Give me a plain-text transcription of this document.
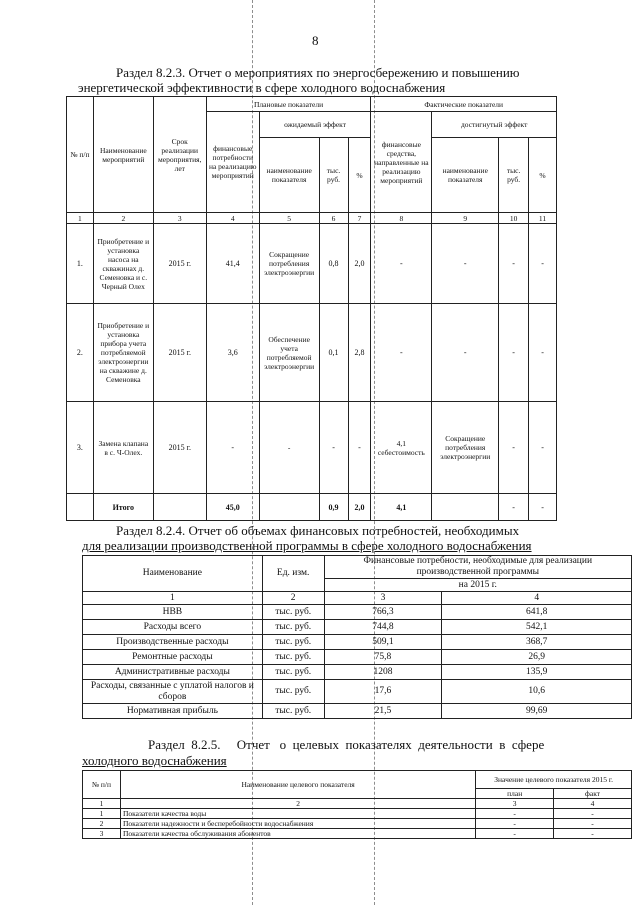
8
Раздел 8.2.3. Отчет о мероприятиях по энергосбережению и повышению
энергетической эффективности в сфере холодного водоснабжения
№ п/п	Наименование мероприятий	Срок реализации мероприятия, лет	Плановые показатели				Фактические показатели			
			финансовые потребности на реализацию мероприятий	ожидаемый эффект			финансовые средства, направленные на реализацию мероприятий	достигнутый эффект		
				наименование показателя	тыс. руб.	%		наименование показателя	тыс. руб.	%
1	2	3	4	5	6	7	8	9	10	11
1.	Приобретение и установка насоса на скважинах д. Семеновка и с. Черный Олех	2015 г.	41,4	Сокращение потребления электроэнергии	0,8	2,0	-	-	-	-
2.	Приобретение и установка прибора учета потребляемой электроэнергии на скважине д. Семеновка	2015 г.	3,6	Обеспечение учета потребляемой электроэнергии	0,1	2,8	-	-	-	-
3.	Замена клапана в с. Ч-Олех.	2015 г.	-	-	-	-	4,1 себестоимость	Сокращение потребления электроэнергии	-	-
	Итого		45,0		0,9	2,0	4,1		-	-
Раздел 8.2.4. Отчет об объемах финансовых потребностей, необходимых
для реализации производственной программы в сфере холодного водоснабжения
Наименование	Ед. изм.	Финансовые потребности, необходимые для реализации производственной программы	
		на 2015 г.	
1	2	3	4
НВВ	тыс. руб.	766,3	641,8
Расходы всего	тыс. руб.	744,8	542,1
Производственные расходы	тыс. руб.	509,1	368,7
Ремонтные расходы	тыс. руб.	75,8	26,9
Административные расходы	тыс. руб.	1208	135,9
Расходы, связанные с уплатой налогов и сборов	тыс. руб.	17,6	10,6
Нормативная прибыль	тыс. руб.	21,5	99,69
Раздел  8.2.5.     Отчет   о  целевых  показателях  деятельности  в  сфере
холодного водоснабжения
№ п/п	Наименование целевого показателя	Значение целевого показателя 2015 г.	
		план	факт
1	2	3	4
1	Показатели качества воды	-	-
2	Показатели надежности и бесперебойности водоснабжения	-	-
3	Показатели качества обслуживания абонентов	-	-
